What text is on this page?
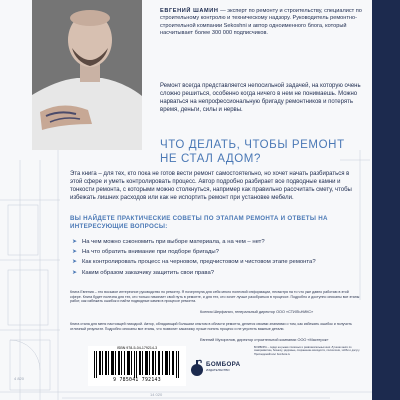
4 820
14 020
ЕВГЕНИЙ ШАМИН — эксперт по ремонту и строительству, специалист по строительному контролю и техническому надзору. Руководитель ремонтно-строительной компании Sekoshni и автор одноименного блога, который насчитывает более 300 000 подписчиков.
Ремонт всегда представляется непосильной задачей, на которую очень сложно решиться, особенно когда ничего в нем не понимаешь. Можно нарваться на непрофессиональную бригаду ремонтников и потерять время, деньги, силы и нервы.
ЧТО ДЕЛАТЬ, ЧТОБЫ РЕМОНТ
НЕ СТАЛ АДОМ?
Эта книга – для тех, кто пока не готов вести ремонт самостоятельно, но хочет начать разбираться в этой сфере и уметь контролировать процесс. Автор подробно разбирает все подводные камни и тонкости ремонта, с которыми можно столкнуться, например как правильно рассчитать смету, чтобы избежать лишних расходов или как не испортить ремонт при установке мебели.
ВЫ НАЙДЕТЕ ПРАКТИЧЕСКИЕ СОВЕТЫ ПО ЭТАПАМ РЕМОНТА И ОТВЕТЫ НА
ИНТЕРЕСУЮЩИЕ ВОПРОСЫ:
➤ На чем можно сэкономить при выборе материала, а на чем – нет?
➤ На что обратить внимание при подборе бригады?
➤ Как контролировать процесс на черновом, предчистовом и чистовом этапе ремонта?
➤ Каким образом заказчику защитить свои права?
Книга Евгения – это восьмое интересное руководство по ремонту. Я почерпнула для себя много полезной информации, несмотря на то что уже давно работаю в этой сфере. Книга будет полезна для тех, кто только начинает свой путь в ремонте, и для тех, кто хочет лучше разобраться в процессе. Подробно и доступно описаны все этапы работ, как избежать ошибок и найти подводные камни в процессе ремонта.
Ксения Шерфанич, генеральный директор ООО «СТИЛЬНИКС»
Книга стала для меня настоящей находкой. Автор, обладающий большим опытом в области ремонта, делится своими знаниями о том, как избежать ошибок и получить отличный результат. Подробно описаны все этапы, что позволит заказчику лучше понять процесс и не упустить важные детали.
Евгений Мухорелов, директор строительной компании ООО «Мастерок»
ISBN 978-5-04-179214-3
9 785041 792143
БОМБОРА
ИЗДАТЕЛЬСТВО
БОМБОРА – лидер на рынке полезных и развлекательных книг. Лучшие книги по саморазвитию, бизнесу, здоровью, сохранению молодости, психологии, хобби и досугу. Присоединяйтесь! bombora.ru
